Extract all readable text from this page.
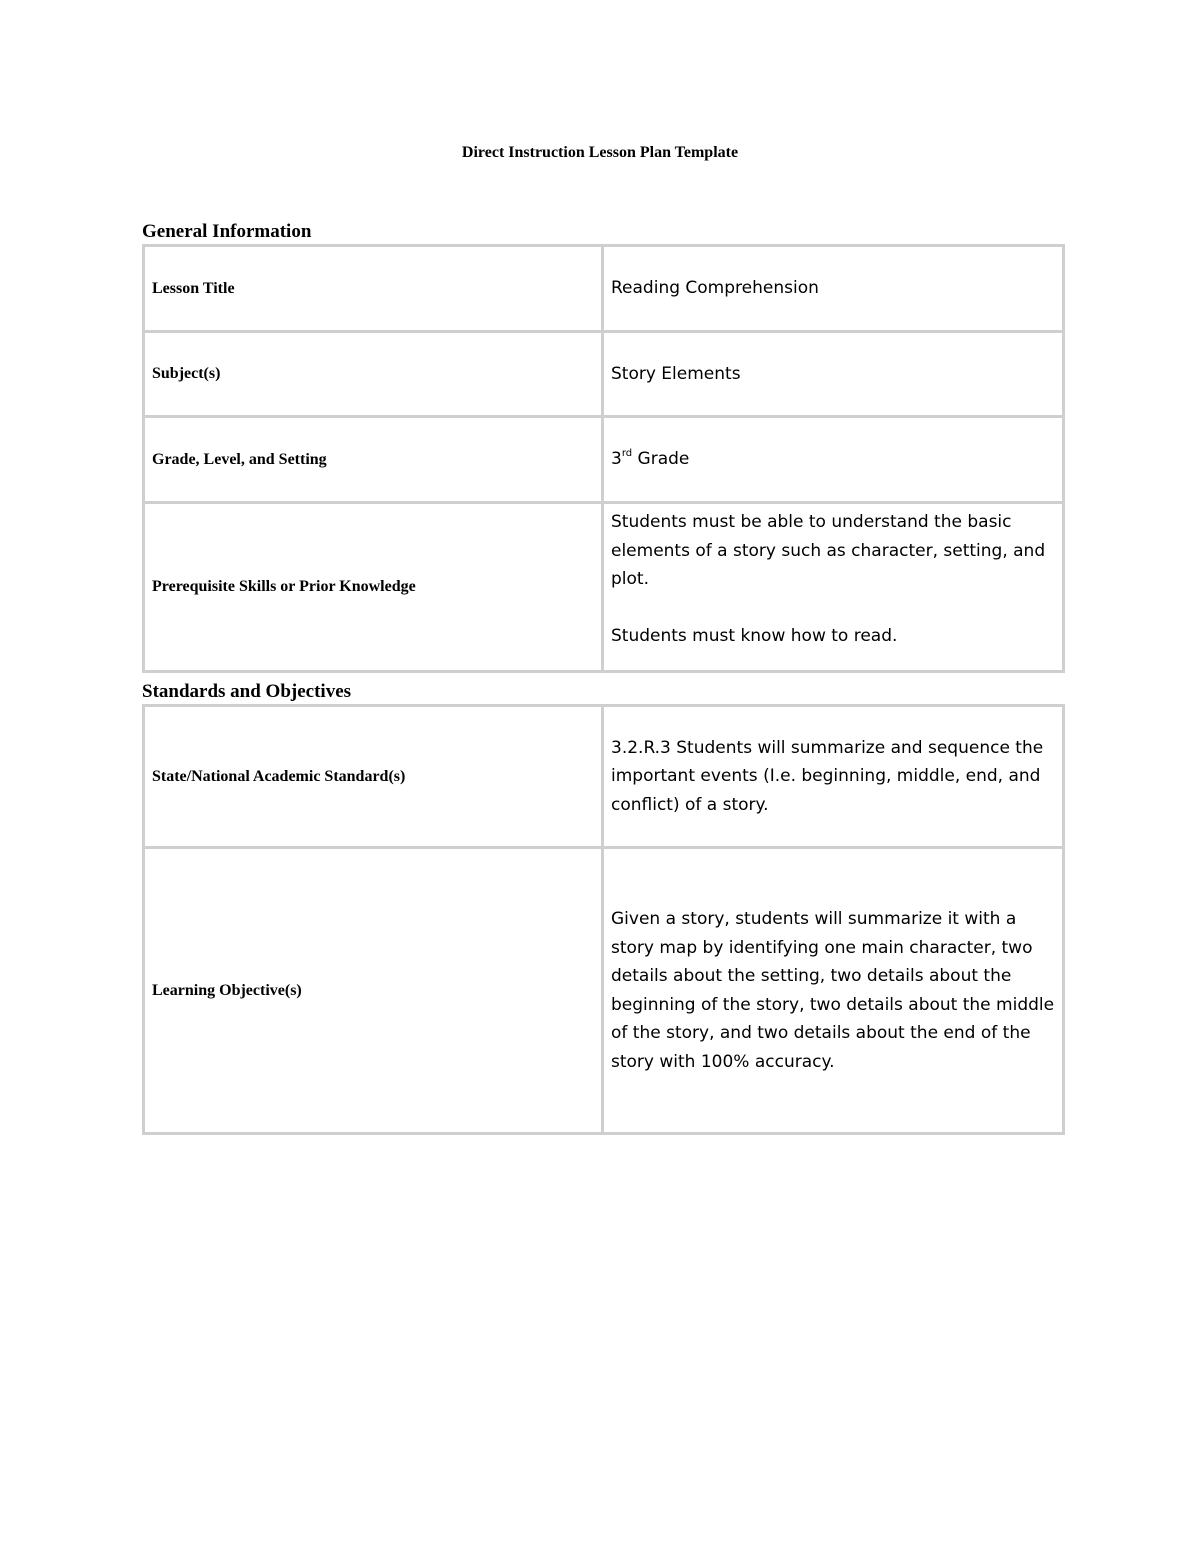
Direct Instruction Lesson Plan Template
General Information
Lesson Title	Reading Comprehension
Subject(s)	Story Elements
Grade, Level, and Setting	3rd Grade
Prerequisite Skills or Prior Knowledge	Students must be able to understand the basic elements of a story such as character, setting, and plot.

Students must know how to read.

Standards and Objectives
State/National Academic Standard(s)	3.2.R.3 Students will summarize and sequence the important events (I.e. beginning, middle, end, and conflict) of a story.
Learning Objective(s)	Given a story, students will summarize it with a story map by identifying one main character, two details about the setting, two details about the beginning of the story, two details about the middle of the story, and two details about the end of the story with 100% accuracy.
